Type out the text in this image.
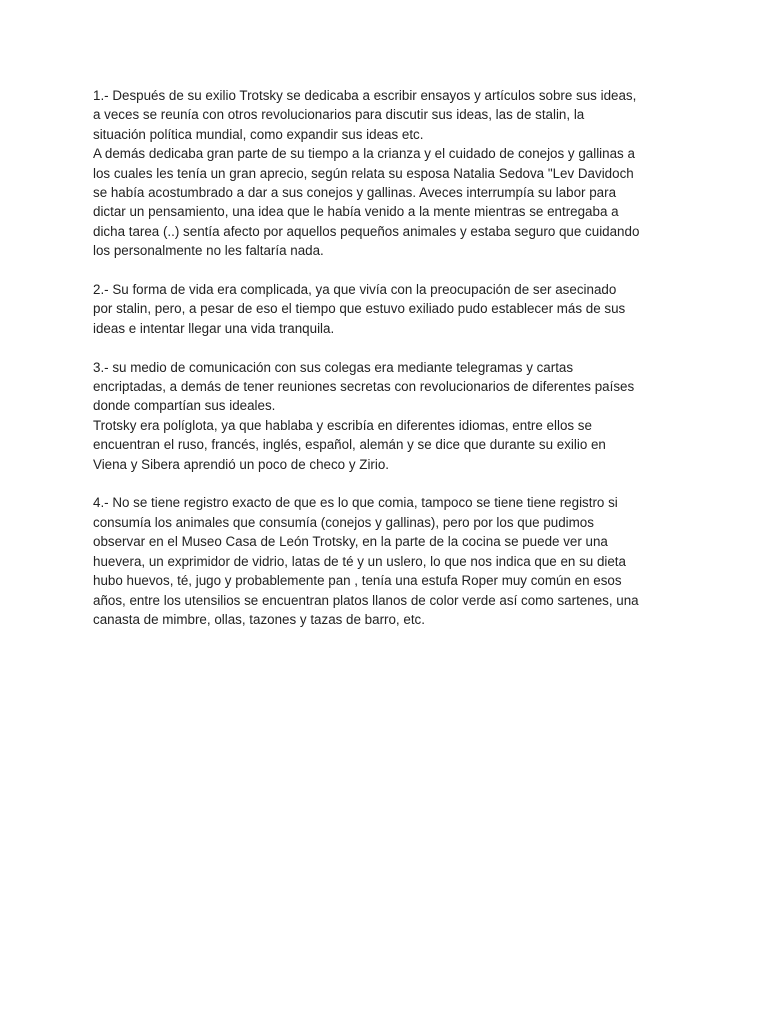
1.- Después de su exilio Trotsky se dedicaba a escribir ensayos y artículos sobre sus ideas,
a veces se reunía con otros revolucionarios para discutir sus ideas, las de stalin, la
situación política mundial, como expandir sus ideas etc.
A demás dedicaba gran parte de su tiempo a la crianza y el cuidado de conejos y gallinas a
los cuales les tenía un gran aprecio, según relata su esposa Natalia Sedova "Lev Davidoch
se había acostumbrado a dar a sus conejos y gallinas. Aveces interrumpía su labor para
dictar un pensamiento, una idea que le había venido a la mente mientras se entregaba a
dicha tarea (..) sentía afecto por aquellos pequeños animales y estaba seguro que cuidando
los personalmente no les faltaría nada.

2.- Su forma de vida era complicada, ya que vivía con la preocupación de ser asecinado
por stalin, pero, a pesar de eso el tiempo que estuvo exiliado pudo establecer más de sus
ideas e intentar llegar una vida tranquila.

3.- su medio de comunicación con sus colegas era mediante telegramas y cartas
encriptadas, a demás de tener reuniones secretas con revolucionarios de diferentes países
donde compartían sus ideales.
Trotsky era políglota, ya que hablaba y escribía en diferentes idiomas, entre ellos se
encuentran el ruso, francés, inglés, español, alemán y se dice que durante su exilio en
Viena y Sibera aprendió un poco de checo y Zirio.

4.- No se tiene registro exacto de que es lo que comia, tampoco se tiene tiene registro si
consumía los animales que consumía (conejos y gallinas), pero por los que pudimos
observar en el Museo Casa de León Trotsky, en la parte de la cocina se puede ver una
huevera, un exprimidor de vidrio, latas de té y un uslero, lo que nos indica que en su dieta
hubo huevos, té, jugo y probablemente pan , tenía una estufa Roper muy común en esos
años, entre los utensilios se encuentran platos llanos de color verde así como sartenes, una
canasta de mimbre, ollas, tazones y tazas de barro, etc.
